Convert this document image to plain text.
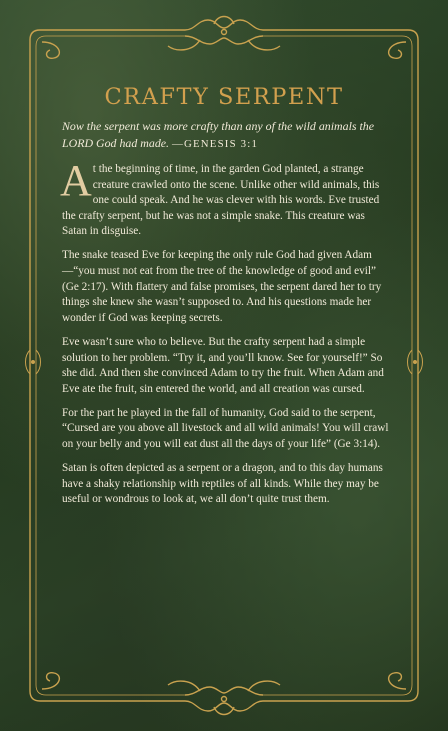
CRAFTY SERPENT
Now the serpent was more crafty than any of the wild animals the LORD God had made. —GENESIS 3:1

At the beginning of time, in the garden God planted, a strange creature crawled onto the scene. Unlike other wild animals, this one could speak. And he was clever with his words. Eve trusted the crafty serpent, but he was not a simple snake. This creature was Satan in disguise.

The snake teased Eve for keeping the only rule God had given Adam—“you must not eat from the tree of the knowledge of good and evil” (Ge 2:17). With flattery and false promises, the serpent dared her to try things she knew she wasn’t supposed to. And his questions made her wonder if God was keeping secrets.

Eve wasn’t sure who to believe. But the crafty serpent had a simple solution to her problem. “Try it, and you’ll know. See for yourself!” So she did. And then she convinced Adam to try the fruit. When Adam and Eve ate the fruit, sin entered the world, and all creation was cursed.

For the part he played in the fall of humanity, God said to the serpent, “Cursed are you above all livestock and all wild animals! You will crawl on your belly and you will eat dust all the days of your life” (Ge 3:14).

Satan is often depicted as a serpent or a dragon, and to this day humans have a shaky relationship with reptiles of all kinds. While they may be useful or wondrous to look at, we all don’t quite trust them.
